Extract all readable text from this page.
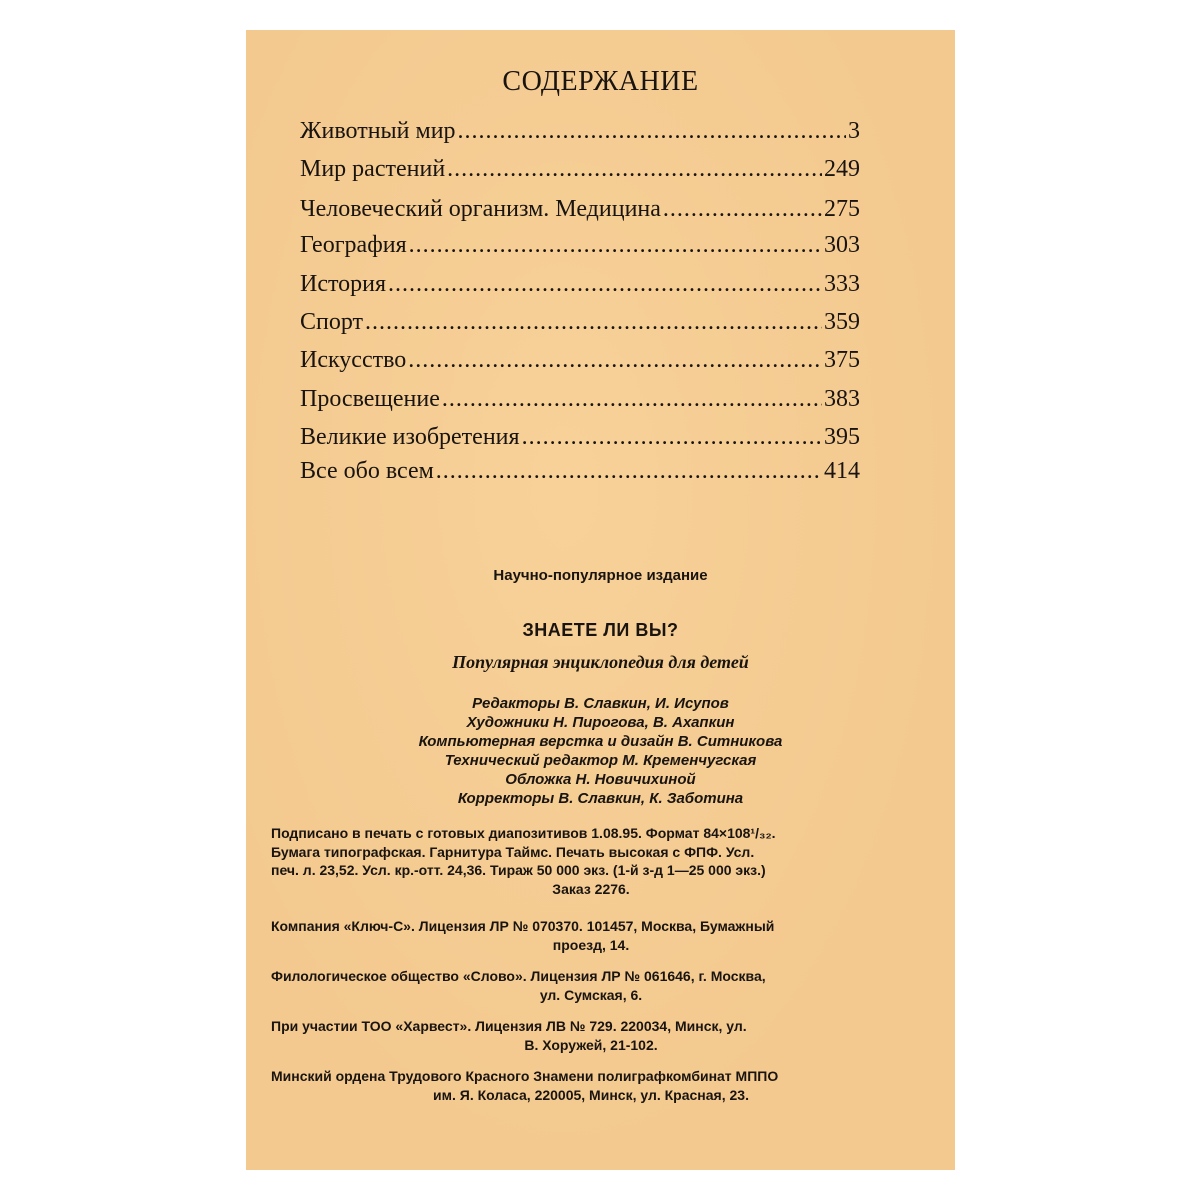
СОДЕРЖАНИЕ
Животный мир .....	3
Мир растений .....	249
Человеческий организм. Медицина .....	275
География .....	303
История .....	333
Спорт .....	359
Искусство .....	375
Просвещение .....	383
Великие изобретения .....	395
Все обо всем .....	414
Научно-популярное издание
ЗНАЕТЕ ЛИ ВЫ?
Популярная энциклопедия для детей
Редакторы В. Славкин, И. Исупов
Художники Н. Пирогова, В. Ахапкин
Компьютерная верстка и дизайн В. Ситникова
Технический редактор М. Кременчугская
Обложка Н. Новичихиной
Корректоры В. Славкин, К. Заботина
Подписано в печать с готовых диапозитивов 1.08.95. Формат 84×108¹/₃₂.
Бумага типографская. Гарнитура Таймс. Печать высокая с ФПФ. Усл.
печ. л. 23,52. Усл. кр.-отт. 24,36. Тираж 50 000 экз. (1-й з-д 1—25 000 экз.)
Заказ 2276.
Компания «Ключ-С». Лицензия ЛР № 070370. 101457, Москва, Бумажный
проезд, 14.
Филологическое общество «Слово». Лицензия ЛР № 061646, г. Москва,
ул. Сумская, 6.
При участии ТОО «Харвест». Лицензия ЛВ № 729. 220034, Минск, ул.
В. Хоружей, 21-102.
Минский ордена Трудового Красного Знамени полиграфкомбинат МППО
им. Я. Коласа, 220005, Минск, ул. Красная, 23.
